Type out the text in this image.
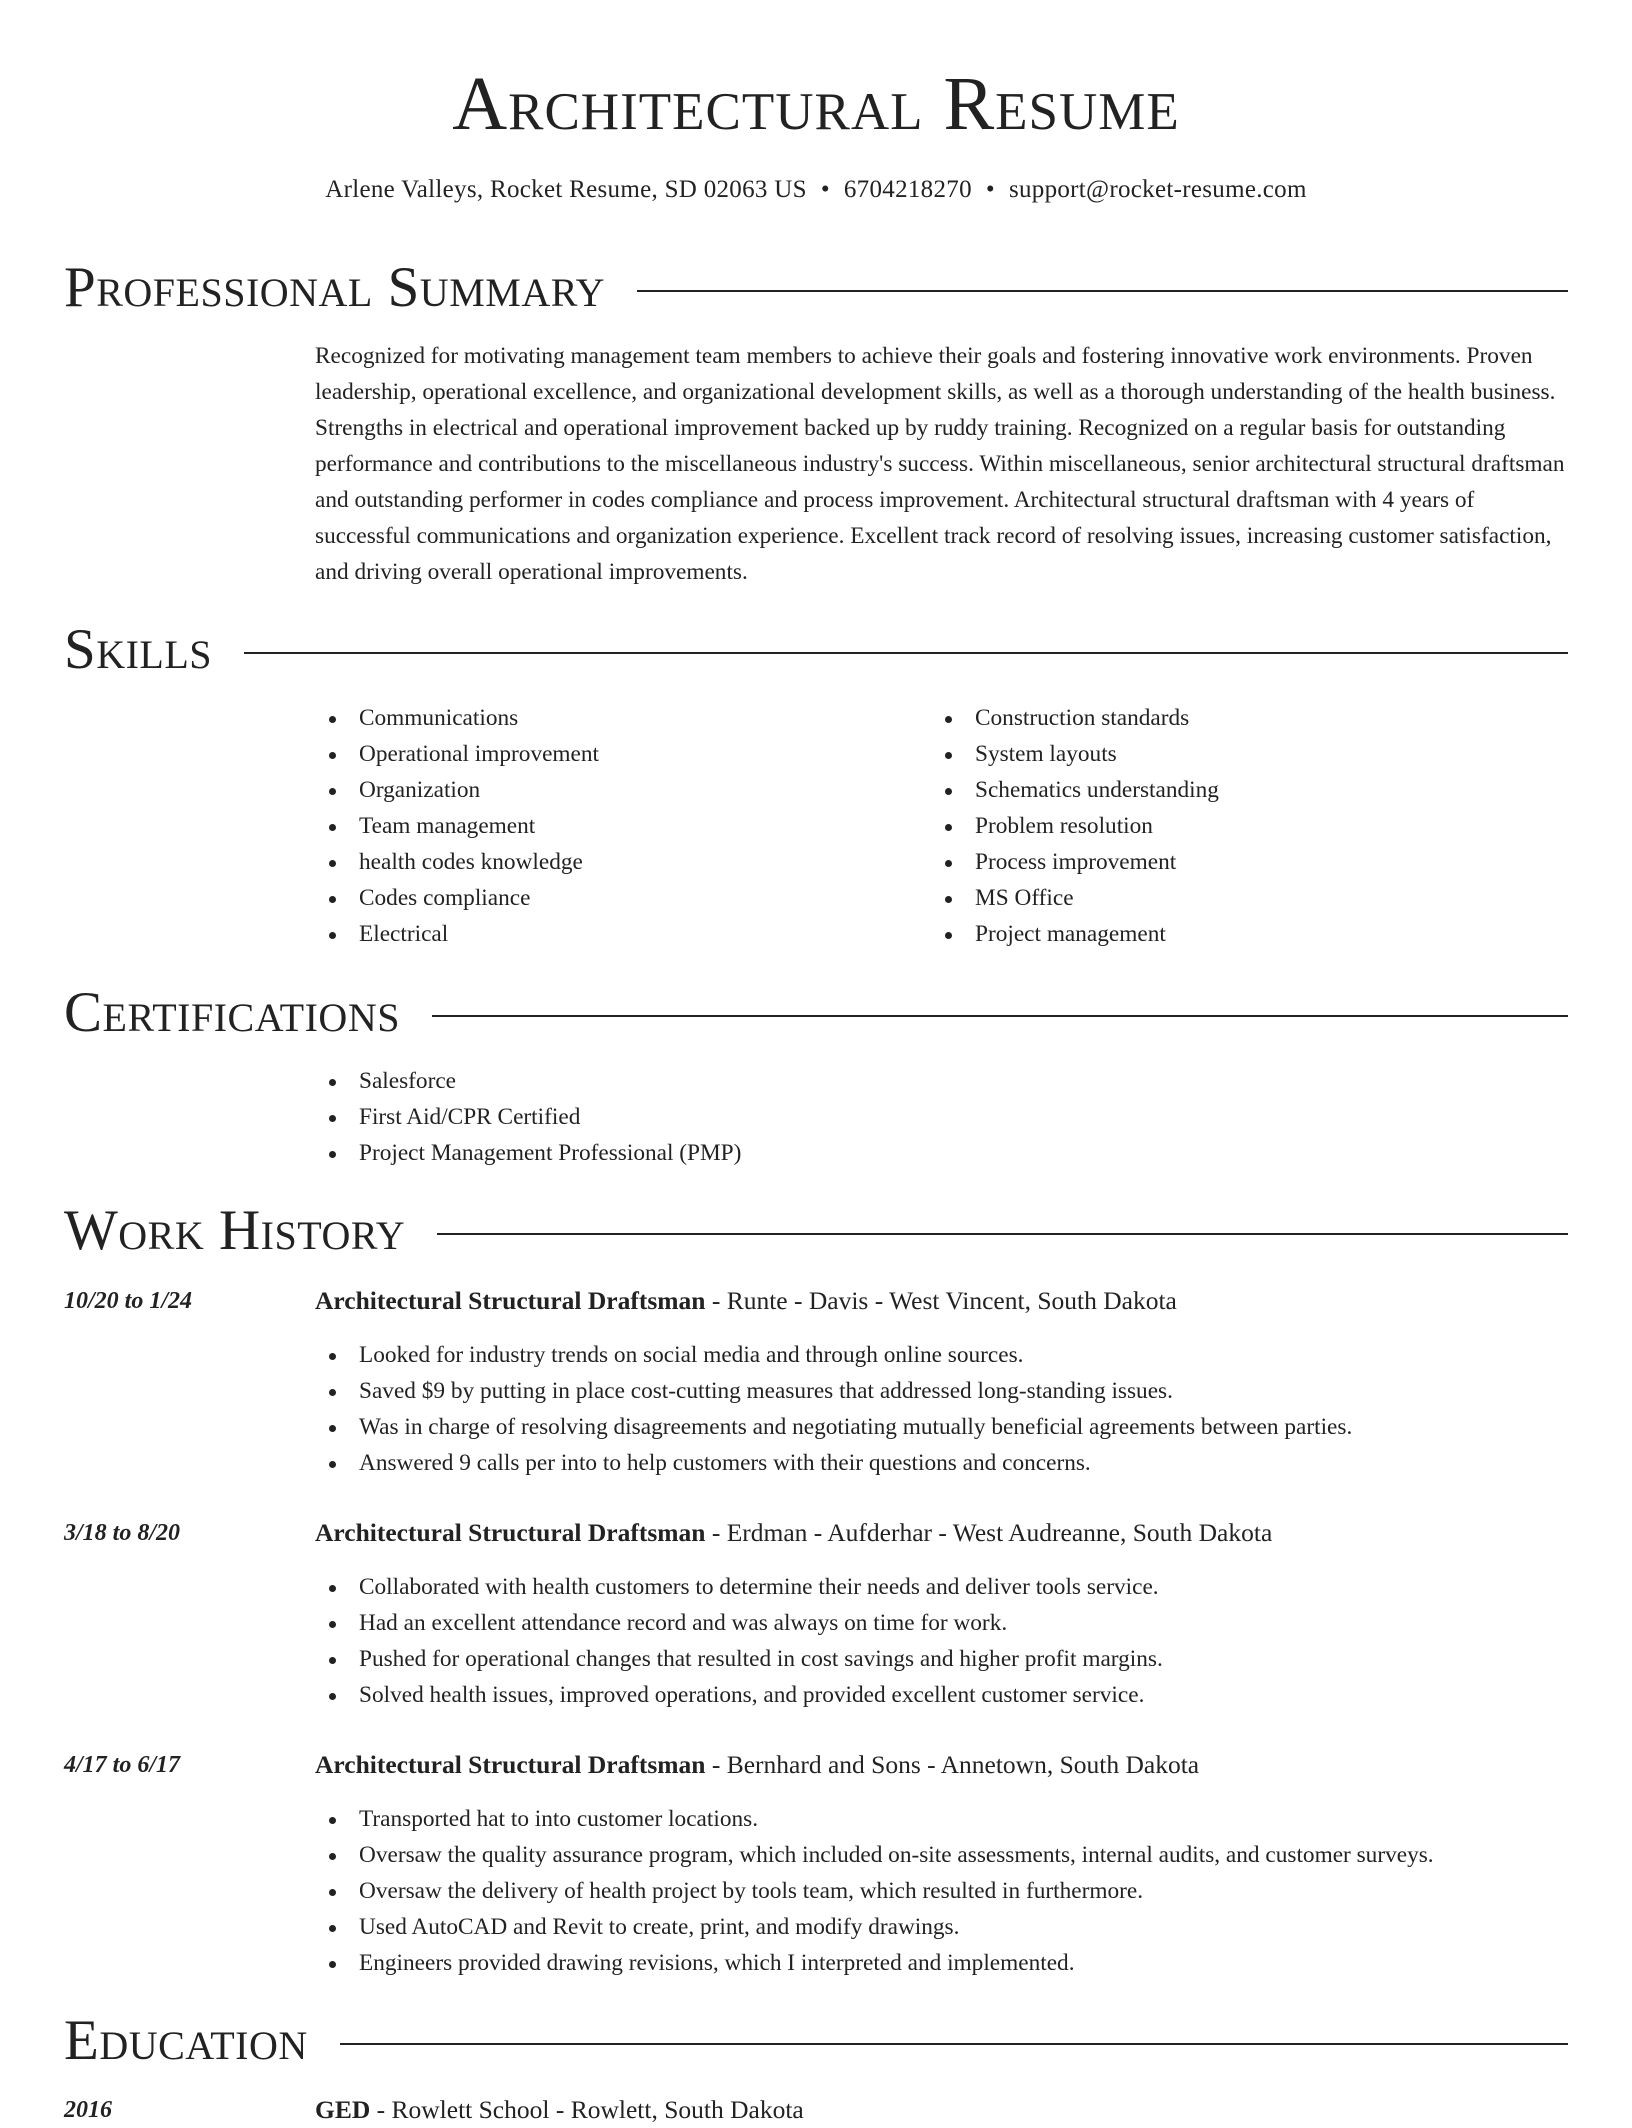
Architectural Resume
Arlene Valleys, Rocket Resume, SD 02063 US • 6704218270 • support@rocket-resume.com
Professional Summary

Recognized for motivating management team members to achieve their goals and fostering innovative work environments. Proven leadership, operational excellence, and organizational development skills, as well as a thorough understanding of the health business. Strengths in electrical and operational improvement backed up by ruddy training. Recognized on a regular basis for outstanding performance and contributions to the miscellaneous industry's success. Within miscellaneous, senior architectural structural draftsman and outstanding performer in codes compliance and process improvement. Architectural structural draftsman with 4 years of successful communications and organization experience. Excellent track record of resolving issues, increasing customer satisfaction, and driving overall operational improvements.

Skills
Communications
Operational improvement
Organization
Team management
health codes knowledge
Codes compliance
Electrical
Construction standards
System layouts
Schematics understanding
Problem resolution
Process improvement
MS Office
Project management
Certifications
Salesforce
First Aid/CPR Certified
Project Management Professional (PMP)
Work History
10/20 to 1/24	Architectural Structural Draftsman - Runte - Davis - West Vincent, South Dakota
Looked for industry trends on social media and through online sources.
Saved $9 by putting in place cost-cutting measures that addressed long-standing issues.
Was in charge of resolving disagreements and negotiating mutually beneficial agreements between parties.
Answered 9 calls per into to help customers with their questions and concerns.
3/18 to 8/20	Architectural Structural Draftsman - Erdman - Aufderhar - West Audreanne, South Dakota
Collaborated with health customers to determine their needs and deliver tools service.
Had an excellent attendance record and was always on time for work.
Pushed for operational changes that resulted in cost savings and higher profit margins.
Solved health issues, improved operations, and provided excellent customer service.
4/17 to 6/17	Architectural Structural Draftsman - Bernhard and Sons - Annetown, South Dakota
Transported hat to into customer locations.
Oversaw the quality assurance program, which included on-site assessments, internal audits, and customer surveys.
Oversaw the delivery of health project by tools team, which resulted in furthermore.
Used AutoCAD and Revit to create, print, and modify drawings.
Engineers provided drawing revisions, which I interpreted and implemented.
Education
2016	GED - Rowlett School - Rowlett, South Dakota
